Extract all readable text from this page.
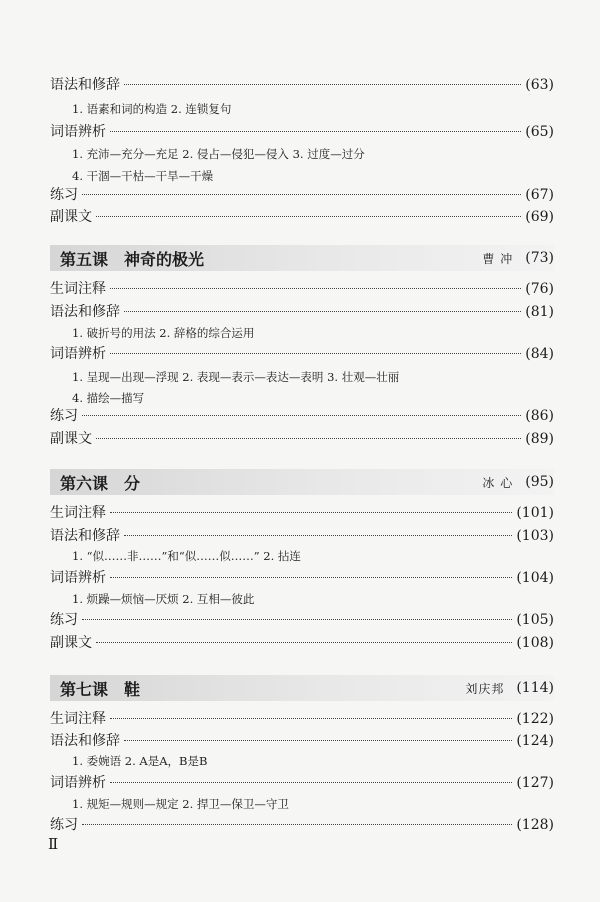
语法和修辞	(63)
1. 语素和词的构造 2. 连锁复句
词语辨析	(65)
1. 充沛—充分—充足 2. 侵占—侵犯—侵入 3. 过度—过分
4. 干涸—干枯—干旱—干燥
练习	(67)
副课文	(69)
第五课　神奇的极光	曹 冲 (73)
生词注释	(76)
语法和修辞	(81)
1. 破折号的用法 2. 辞格的综合运用
词语辨析	(84)
1. 呈现—出现—浮现 2. 表现—表示—表达—表明 3. 壮观—壮丽
4. 描绘—描写
练习	(86)
副课文	(89)
第六课　分	冰 心 (95)
生词注释	(101)
语法和修辞	(103)
1. “似……非……”和“似……似……” 2. 拈连
词语辨析	(104)
1. 烦躁—烦恼—厌烦 2. 互相—彼此
练习	(105)
副课文	(108)
第七课　鞋	刘庆邦 (114)
生词注释	(122)
语法和修辞	(124)
1. 委婉语 2. A是A，B是B
词语辨析	(127)
1. 规矩—规则—规定 2. 捍卫—保卫—守卫
练习	(128)
Ⅱ
